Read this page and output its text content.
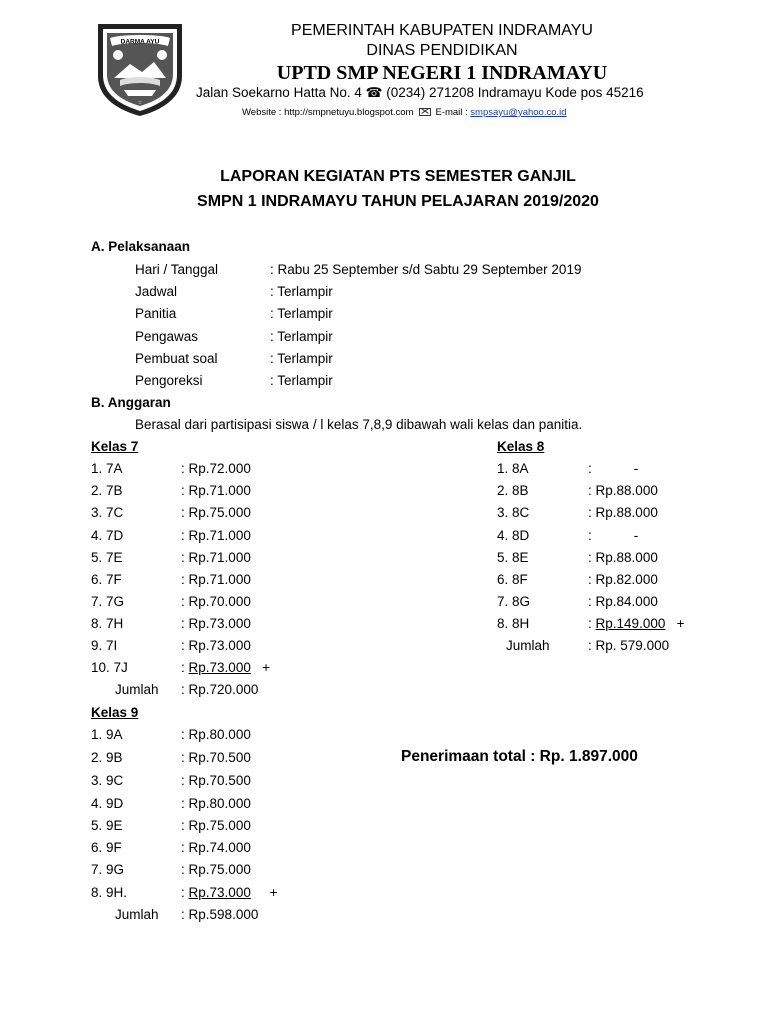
DARMA AYU
☆
PEMERINTAH KABUPATEN INDRAMAYU
DINAS PENDIDIKAN
UPTD SMP NEGERI 1 INDRAMAYU
Jalan Soekarno Hatta No. 4 ☎ (0234) 271208 Indramayu Kode pos 45216
Website : http://smpnetuyu.blogspot.com E-mail : smpsayu@yahoo.co.id
LAPORAN KEGIATAN PTS SEMESTER GANJIL
SMPN 1 INDRAMAYU TAHUN PELAJARAN 2019/2020
A. Pelaksanaan
Hari / Tanggal	: Rabu 25 September s/d Sabtu 29 September 2019
Jadwal	: Terlampir
Panitia	: Terlampir
Pengawas	: Terlampir
Pembuat soal	: Terlampir
Pengoreksi	: Terlampir
B. Anggaran
Berasal dari partisipasi siswa / l kelas 7,8,9 dibawah wali kelas dan panitia.
Kelas 7
1. 7A	: Rp.72.000
2. 7B	: Rp.71.000
3. 7C	: Rp.75.000
4. 7D	: Rp.71.000
5. 7E	: Rp.71.000
6. 7F	: Rp.71.000
7. 7G	: Rp.70.000
8. 7H	: Rp.73.000
9. 7I	: Rp.73.000
10. 7J	: Rp.73.000 +
Jumlah : Rp.720.000
Kelas 8
1. 8A	:	-
2. 8B	: Rp.88.000
3. 8C	: Rp.88.000
4. 8D	:	-
5. 8E	: Rp.88.000
6. 8F	: Rp.82.000
7. 8G	: Rp.84.000
8. 8H	: Rp.149.000 +
Jumlah	: Rp. 579.000
Kelas 9
1. 9A	: Rp.80.000
2. 9B	: Rp.70.500
3. 9C	: Rp.70.500
4. 9D	: Rp.80.000
5. 9E	: Rp.75.000
6. 9F	: Rp.74.000
7. 9G	: Rp.75.000
8. 9H.	: Rp.73.000 +
Jumlah : Rp.598.000
Penerimaan total : Rp. 1.897.000
